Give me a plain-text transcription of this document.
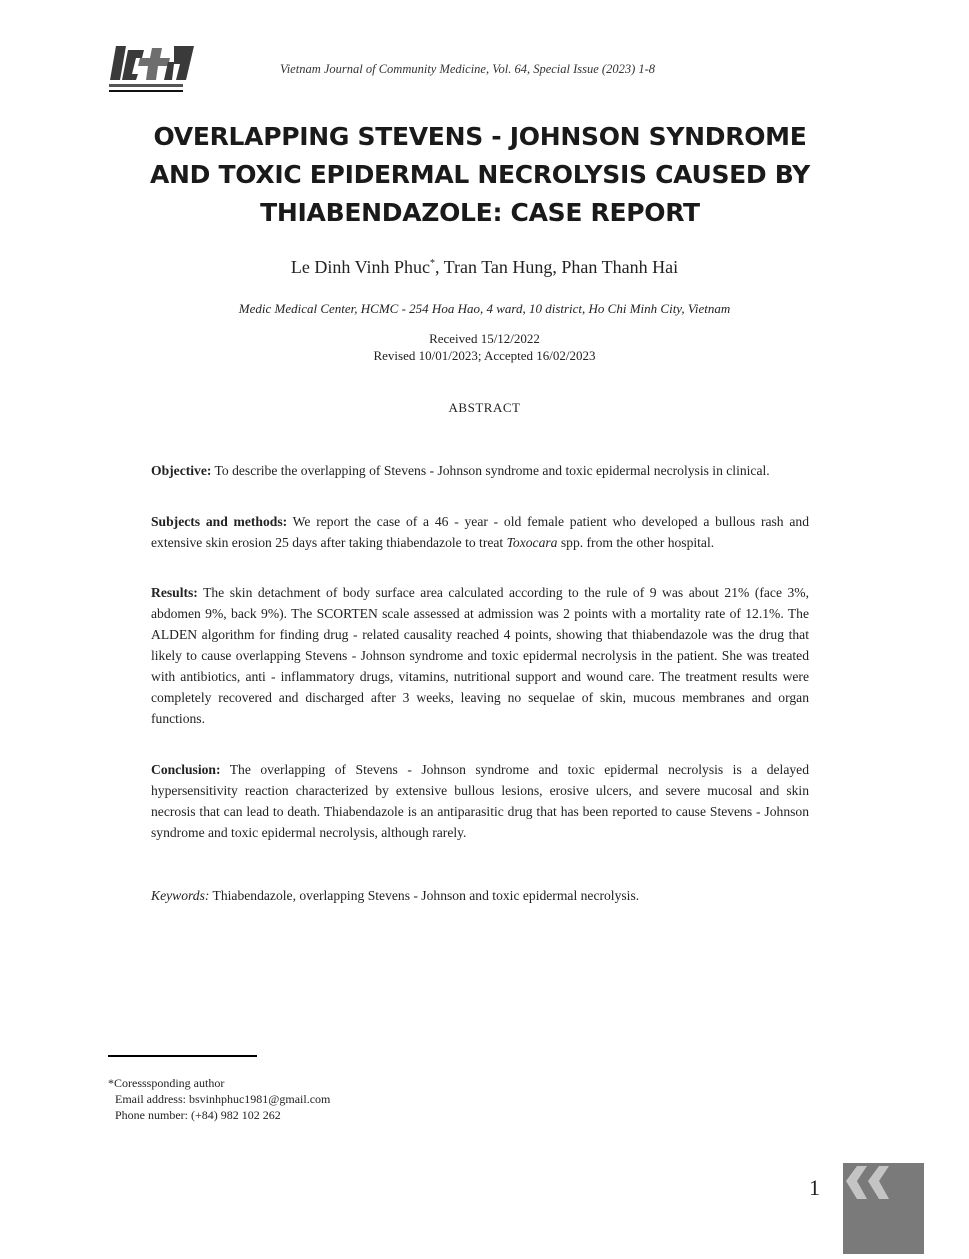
Vietnam Journal of Community Medicine, Vol. 64, Special Issue (2023) 1-8
OVERLAPPING STEVENS - JOHNSON SYNDROME
AND TOXIC EPIDERMAL NECROLYSIS CAUSED BY
THIABENDAZOLE: CASE REPORT
Le Dinh Vinh Phuc*, Tran Tan Hung, Phan Thanh Hai
Medic Medical Center, HCMC - 254 Hoa Hao, 4 ward, 10 district, Ho Chi Minh City, Vietnam
Received 15/12/2022
Revised 10/01/2023; Accepted 16/02/2023
ABSTRACT
Objective: To describe the overlapping of Stevens - Johnson syndrome and toxic epidermal necrolysis in clinical.
Subjects and methods: We report the case of a 46 - year - old female patient who developed a bullous rash and extensive skin erosion 25 days after taking thiabendazole to treat Toxocara spp. from the other hospital.
Results: The skin detachment of body surface area calculated according to the rule of 9 was about 21% (face 3%, abdomen 9%, back 9%). The SCORTEN scale assessed at admission was 2 points with a mortality rate of 12.1%. The ALDEN algorithm for finding drug - related causality reached 4 points, showing that thiabendazole was the drug that likely to cause overlapping Stevens - Johnson syndrome and toxic epidermal necrolysis in the patient. She was treated with antibiotics, anti - inflammatory drugs, vitamins, nutritional support and wound care. The treatment results were completely recovered and discharged after 3 weeks, leaving no sequelae of skin, mucous membranes and organ functions.
Conclusion: The overlapping of Stevens - Johnson syndrome and toxic epidermal necrolysis is a delayed hypersensitivity reaction characterized by extensive bullous lesions, erosive ulcers, and severe mucosal and skin necrosis that can lead to death. Thiabendazole is an antiparasitic drug that has been reported to cause Stevens - Johnson syndrome and toxic epidermal necrolysis, although rarely.
Keywords: Thiabendazole, overlapping Stevens - Johnson and toxic epidermal necrolysis.
*Coresssponding author
Email address: bsvinhphuc1981@gmail.com
Phone number: (+84) 982 102 262
1
